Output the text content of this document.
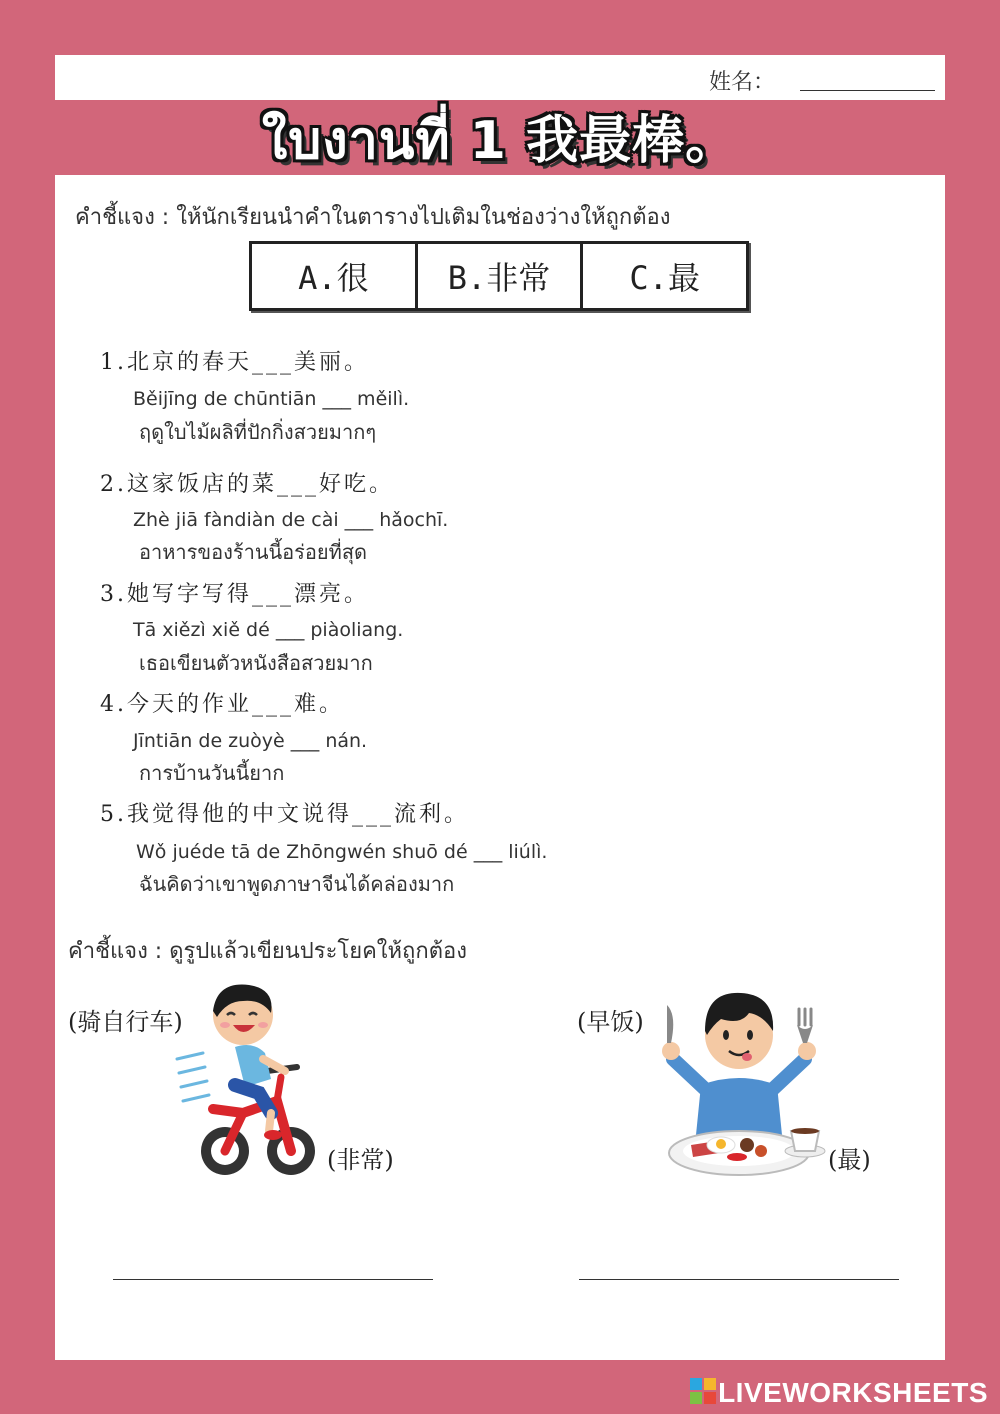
姓名：
ใบงานที่ 1 我最棒。
คำชี้แจง : ให้นักเรียนนำคำในตารางไปเติมในช่องว่างให้ถูกต้อง
A.很	B.非常	C.最
1.北京的春天___美丽。
Běijīng de chūntiān ___ měilì.
ฤดูใบไม้ผลิที่ปักกิ่งสวยมากๆ
2.这家饭店的菜___好吃。
Zhè jiā fàndiàn de cài ___ hǎochī.
อาหารของร้านนี้อร่อยที่สุด
3.她写字写得___漂亮。
Tā xiězì xiě dé ___ piàoliang.
เธอเขียนตัวหนังสือสวยมาก
4.今天的作业___难。
Jīntiān de zuòyè ___ nán.
การบ้านวันนี้ยาก
5.我觉得他的中文说得___流利。
Wǒ juéde tā de Zhōngwén shuō dé ___ liúlì.
ฉันคิดว่าเขาพูดภาษาจีนได้คล่องมาก
คำชี้แจง : ดูรูปแล้วเขียนประโยคให้ถูกต้อง
(骑自行车)
(非常)
(早饭)
(最)
LIVEWORKSHEETS
